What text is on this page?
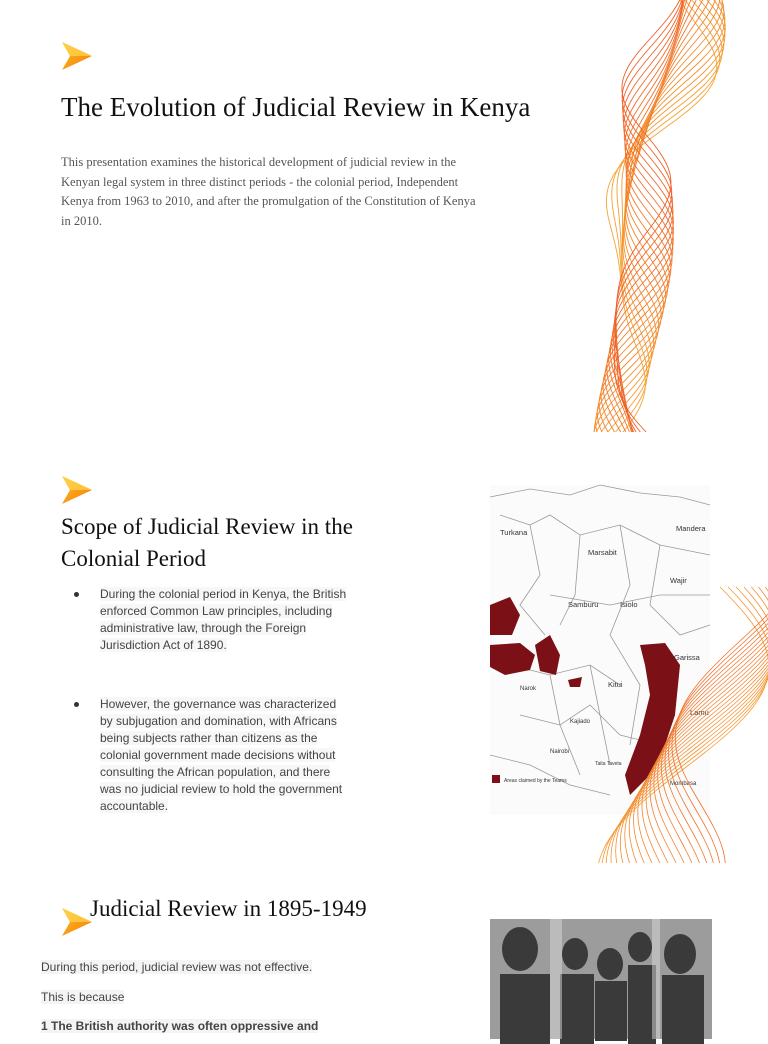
The Evolution of Judicial Review in Kenya

This presentation examines the historical development of judicial review in the Kenyan legal system in three distinct periods - the colonial period, Independent Kenya from 1963 to 2010, and after the promulgation of the Constitution of Kenya in 2010.

Scope of Judicial Review in the Colonial Period
During the colonial period in Kenya, the British enforced Common Law principles, including administrative law, through the Foreign Jurisdiction Act of 1890.
However, the governance was characterized by subjugation and domination, with Africans being subjects rather than citizens as the colonial government made decisions without consulting the African population, and there was no judicial review to hold the government accountable.
Turkana
Marsabit
Mandera
Wajir
Samburu	Isiolo
Garissa
Kitui
Lamu
Nairobi
Kajiado
Narok
Taita Taveta
Mombasa
Areas claimed by the Teams
Judicial Review in 1895-1949

During this period, judicial review was not effective.

This is because

1 The British authority was often oppressive and
